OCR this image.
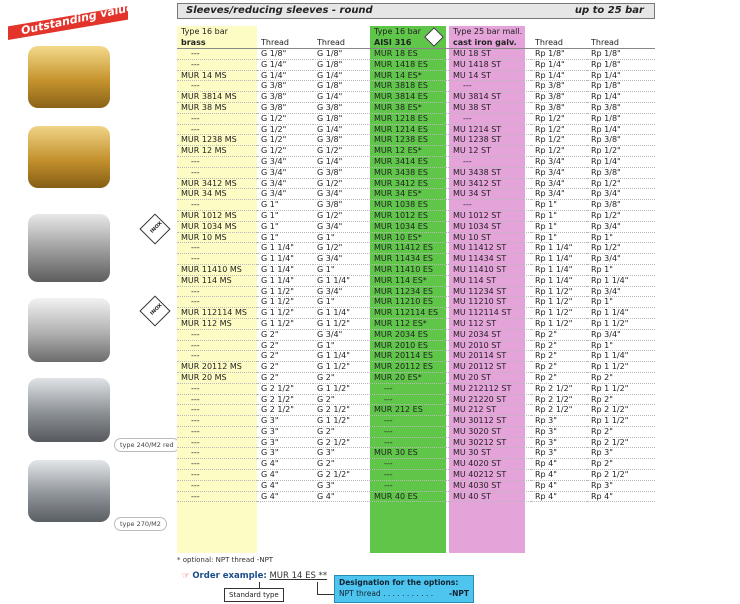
Outstanding value!
INOX
INOX
type 240/M2 red
type 270/M2
Sleeves/reducing sleeves - round	up to 25 bar
Type 16 bar			Type 16 bar	Type 25 bar mall.		
brass	Thread	Thread	AISI 316	cast iron galv.	Thread	Thread
---	G 1/8"	G 1/8"	MUR 18 ES	MU 18 ST	Rp 1/8"	Rp 1/8"
---	G 1/4"	G 1/8"	MUR 1418 ES	MU 1418 ST	Rp 1/4"	Rp 1/8"
MUR 14 MS	G 1/4"	G 1/4"	MUR 14 ES*	MU 14 ST	Rp 1/4"	Rp 1/4"
---	G 3/8"	G 1/8"	MUR 3818 ES	---	Rp 3/8"	Rp 1/8"
MUR 3814 MS	G 3/8"	G 1/4"	MUR 3814 ES	MU 3814 ST	Rp 3/8"	Rp 1/4"
MUR 38 MS	G 3/8"	G 3/8"	MUR 38 ES*	MU 38 ST	Rp 3/8"	Rp 3/8"
---	G 1/2"	G 1/8"	MUR 1218 ES	---	Rp 1/2"	Rp 1/8"
---	G 1/2"	G 1/4"	MUR 1214 ES	MU 1214 ST	Rp 1/2"	Rp 1/4"
MUR 1238 MS	G 1/2"	G 3/8"	MUR 1238 ES	MU 1238 ST	Rp 1/2"	Rp 3/8"
MUR 12 MS	G 1/2"	G 1/2"	MUR 12 ES*	MU 12 ST	Rp 1/2"	Rp 1/2"
---	G 3/4"	G 1/4"	MUR 3414 ES	---	Rp 3/4"	Rp 1/4"
---	G 3/4"	G 3/8"	MUR 3438 ES	MU 3438 ST	Rp 3/4"	Rp 3/8"
MUR 3412 MS	G 3/4"	G 1/2"	MUR 3412 ES	MU 3412 ST	Rp 3/4"	Rp 1/2"
MUR 34 MS	G 3/4"	G 3/4"	MUR 34 ES*	MU 34 ST	Rp 3/4"	Rp 3/4"
---	G 1"	G 3/8"	MUR 1038 ES	---	Rp 1"	Rp 3/8"
MUR 1012 MS	G 1"	G 1/2"	MUR 1012 ES	MU 1012 ST	Rp 1"	Rp 1/2"
MUR 1034 MS	G 1"	G 3/4"	MUR 1034 ES	MU 1034 ST	Rp 1"	Rp 3/4"
MUR 10 MS	G 1"	G 1"	MUR 10 ES*	MU 10 ST	Rp 1"	Rp 1"
---	G 1 1/4"	G 1/2"	MUR 11412 ES	MU 11412 ST	Rp 1 1/4"	Rp 1/2"
---	G 1 1/4"	G 3/4"	MUR 11434 ES	MU 11434 ST	Rp 1 1/4"	Rp 3/4"
MUR 11410 MS	G 1 1/4"	G 1"	MUR 11410 ES	MU 11410 ST	Rp 1 1/4"	Rp 1"
MUR 114 MS	G 1 1/4"	G 1 1/4"	MUR 114 ES*	MU 114 ST	Rp 1 1/4"	Rp 1 1/4"
---	G 1 1/2"	G 3/4"	MUR 11234 ES	MU 11234 ST	Rp 1 1/2"	Rp 3/4"
---	G 1 1/2"	G 1"	MUR 11210 ES	MU 11210 ST	Rp 1 1/2"	Rp 1"
MUR 112114 MS	G 1 1/2"	G 1 1/4"	MUR 112114 ES	MU 112114 ST	Rp 1 1/2"	Rp 1 1/4"
MUR 112 MS	G 1 1/2"	G 1 1/2"	MUR 112 ES*	MU 112 ST	Rp 1 1/2"	Rp 1 1/2"
---	G 2"	G 3/4"	MUR 2034 ES	MU 2034 ST	Rp 2"	Rp 3/4"
---	G 2"	G 1"	MUR 2010 ES	MU 2010 ST	Rp 2"	Rp 1"
---	G 2"	G 1 1/4"	MUR 20114 ES	MU 20114 ST	Rp 2"	Rp 1 1/4"
MUR 20112 MS	G 2"	G 1 1/2"	MUR 20112 ES	MU 20112 ST	Rp 2"	Rp 1 1/2"
MUR 20 MS	G 2"	G 2"	MUR 20 ES*	MU 20 ST	Rp 2"	Rp 2"
---	G 2 1/2"	G 1 1/2"	---	MU 212112 ST	Rp 2 1/2"	Rp 1 1/2"
---	G 2 1/2"	G 2"	---	MU 21220 ST	Rp 2 1/2"	Rp 2"
---	G 2 1/2"	G 2 1/2"	MUR 212 ES	MU 212 ST	Rp 2 1/2"	Rp 2 1/2"
---	G 3"	G 1 1/2"	---	MU 30112 ST	Rp 3"	Rp 1 1/2"
---	G 3"	G 2"	---	MU 3020 ST	Rp 3"	Rp 2"
---	G 3"	G 2 1/2"	---	MU 30212 ST	Rp 3"	Rp 2 1/2"
---	G 3"	G 3"	MUR 30 ES	MU 30 ST	Rp 3"	Rp 3"
---	G 4"	G 2"	---	MU 4020 ST	Rp 4"	Rp 2"
---	G 4"	G 2 1/2"	---	MU 40212 ST	Rp 4"	Rp 2 1/2"
---	G 4"	G 3"	---	MU 4030 ST	Rp 4"	Rp 3"
---	G 4"	G 4"	MUR 40 ES	MU 40 ST	Rp 4"	Rp 4"
* optional: NPT thread -NPT
☞ Order example: MUR 14 ES **
Standard type
Designation for the options:
NPT thread . . . . . . . . . . . -NPT
